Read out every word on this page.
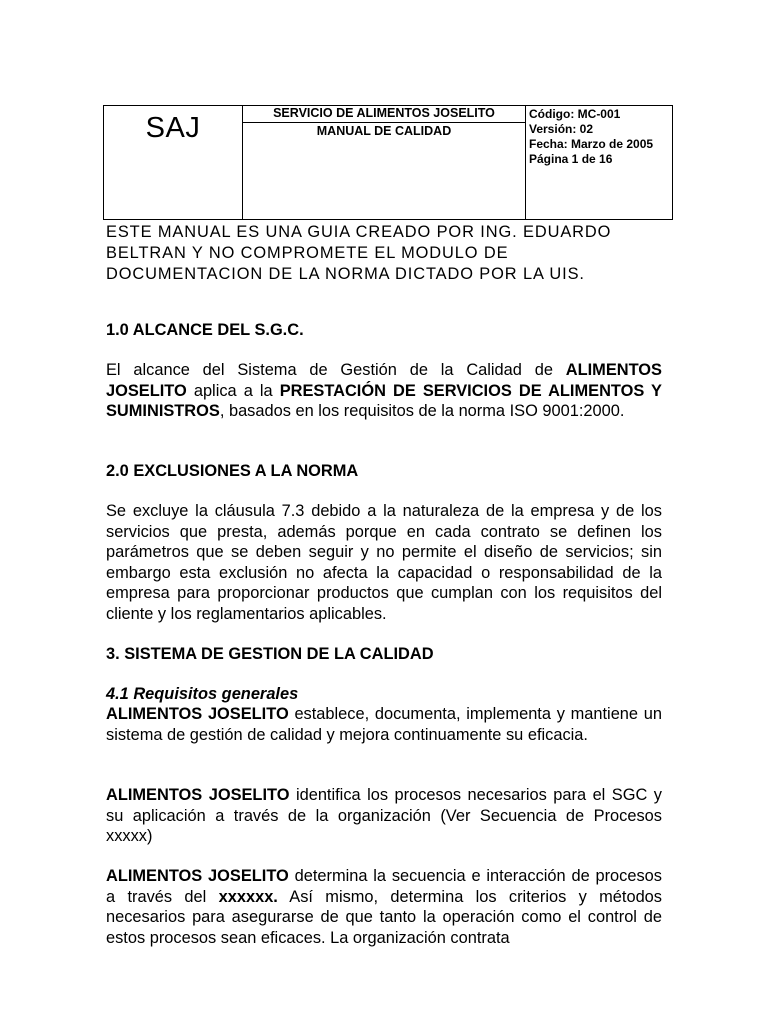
SAJ	SERVICIO DE ALIMENTOS JOSELITO
MANUAL DE CALIDAD
Código: MC-001
Versión: 02
Fecha: Marzo de 2005
Página 1 de 16
ESTE MANUAL ES UNA GUIA CREADO POR ING. EDUARDO BELTRAN Y NO COMPROMETE EL MODULO DE DOCUMENTACION DE LA NORMA DICTADO POR LA UIS.
1.0 ALCANCE DEL S.G.C.
El alcance del Sistema de Gestión de la Calidad de ALIMENTOS JOSELITO aplica a la PRESTACIÓN DE SERVICIOS DE ALIMENTOS Y SUMINISTROS, basados en los requisitos de la norma ISO 9001:2000.
2.0 EXCLUSIONES A LA NORMA
Se excluye la cláusula 7.3 debido a la naturaleza de la empresa y de los servicios que presta, además porque en cada contrato se definen los parámetros que se deben seguir y no permite el diseño de servicios; sin embargo esta exclusión no afecta la capacidad o responsabilidad de la empresa para proporcionar productos que cumplan con los requisitos del cliente y los reglamentarios aplicables.
3. SISTEMA DE GESTION DE LA CALIDAD
4.1 Requisitos generales
ALIMENTOS JOSELITO establece, documenta, implementa y mantiene un sistema de gestión de calidad y mejora continuamente su eficacia.
ALIMENTOS JOSELITO identifica los procesos necesarios para el SGC y su aplicación a través de la organización (Ver Secuencia de Procesos xxxxx)
ALIMENTOS JOSELITO determina la secuencia e interacción de procesos a través del xxxxxx. Así mismo, determina los criterios y métodos necesarios para asegurarse de que tanto la operación como el control de estos procesos sean eficaces. La organización contrata
